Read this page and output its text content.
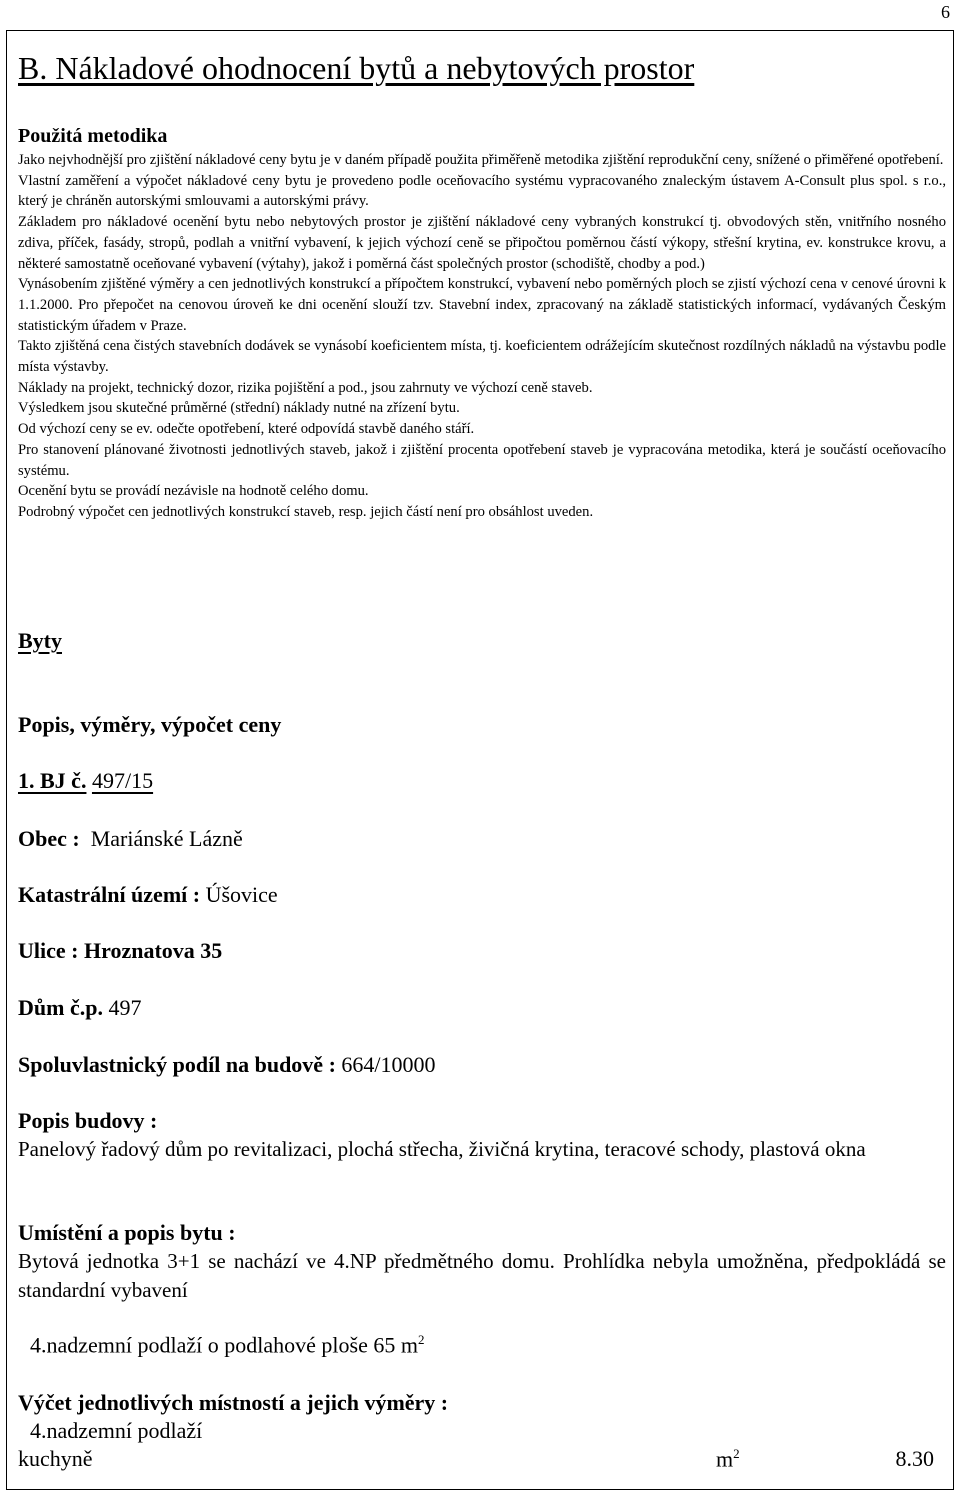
6
B. Nákladové ohodnocení bytů a nebytových prostor
Použitá metodika

Jako nejvhodnější pro zjištění nákladové ceny bytu je v daném případě použita přiměřeně metodika zjištění reprodukční ceny, snížené o přiměřené opotřebení.

Vlastní zaměření a výpočet nákladové ceny bytu je provedeno podle oceňovacího systému vypracovaného znaleckým ústavem A-Consult plus spol. s r.o., který je chráněn autorskými smlouvami a autorskými právy.

Základem pro nákladové ocenění bytu nebo nebytových prostor je zjištění nákladové ceny vybraných konstrukcí tj. obvodových stěn, vnitřního nosného zdiva, příček, fasády, stropů, podlah a vnitřní vybavení, k jejich výchozí ceně se připočtou poměrnou částí výkopy, střešní krytina, ev. konstrukce krovu, a některé samostatně oceňované vybavení (výtahy), jakož i poměrná část společných prostor (schodiště, chodby a pod.)

Vynásobením zjištěné výměry a cen jednotlivých konstrukcí a přípočtem konstrukcí, vybavení nebo poměrných ploch se zjistí výchozí cena v cenové úrovni k 1.1.2000. Pro přepočet na cenovou úroveň ke dni ocenění slouží tzv. Stavební index, zpracovaný na základě statistických informací, vydávaných Českým statistickým úřadem v Praze.

Takto zjištěná cena čistých stavebních dodávek se vynásobí koeficientem místa, tj. koeficientem odrážejícím skutečnost rozdílných nákladů na výstavbu podle místa výstavby.

Náklady na projekt, technický dozor, rizika pojištění a pod., jsou zahrnuty ve výchozí ceně staveb.

Výsledkem jsou skutečné průměrné (střední) náklady nutné na zřízení bytu.

Od výchozí ceny se ev. odečte opotřebení, které odpovídá stavbě daného stáří.

Pro stanovení plánované životnosti jednotlivých staveb, jakož i zjištění procenta opotřebení staveb je vypracována metodika, která je součástí oceňovacího systému.

Ocenění bytu se provádí nezávisle na hodnotě celého domu.

Podrobný výpočet cen jednotlivých konstrukcí staveb, resp. jejich částí není pro obsáhlost uveden.

Byty
Popis, výměry, výpočet ceny
1. BJ č. 497/15
Obec : Mariánské Lázně
Katastrální území : Úšovice
Ulice : Hroznatova 35
Dům č.p. 497
Spoluvlastnický podíl na budově : 664/10000
Popis budovy :
Panelový řadový dům po revitalizaci, plochá střecha, živičná krytina, teracové schody, plastová okna
Umístění a popis bytu :
Bytová jednotka 3+1 se nachází ve 4.NP předmětného domu. Prohlídka nebyla umožněna, předpokládá se standardní vybavení
4.nadzemní podlaží o podlahové ploše 65 $m^2$
Výčet jednotlivých místností a jejich výměry :
4.nadzemní podlaží
kuchyně	$m^2$	8.30
